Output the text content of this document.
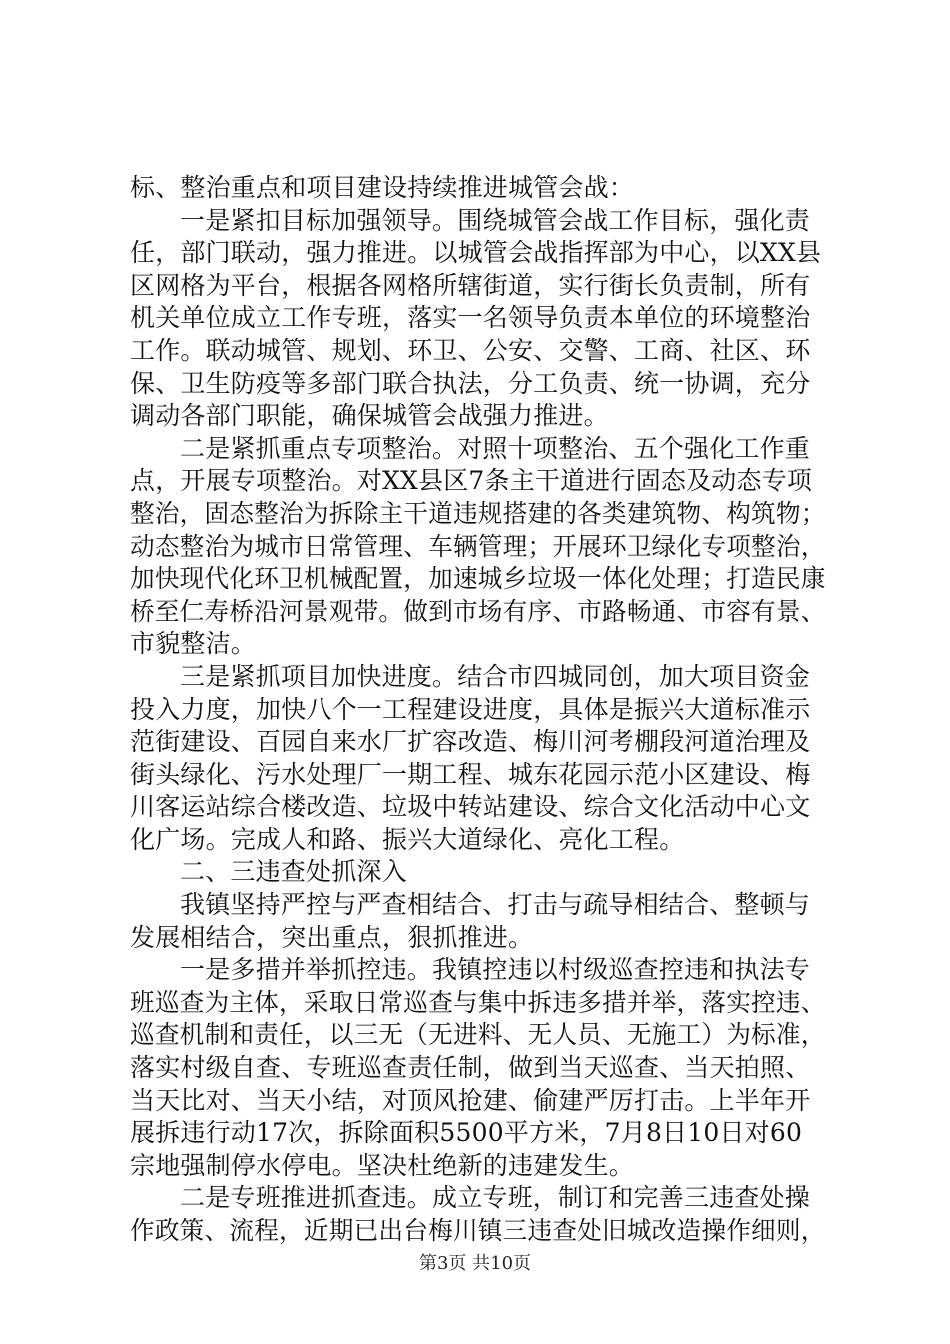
标、整治重点和项目建设持续推进城管会战：
一是紧扣目标加强领导。围绕城管会战工作目标，强化责
任，部门联动，强力推进。以城管会战指挥部为中心，以XX县
区网格为平台，根据各网格所辖街道，实行街长负责制，所有
机关单位成立工作专班，落实一名领导负责本单位的环境整治
工作。联动城管、规划、环卫、公安、交警、工商、社区、环
保、卫生防疫等多部门联合执法，分工负责、统一协调，充分
调动各部门职能，确保城管会战强力推进。
二是紧抓重点专项整治。对照十项整治、五个强化工作重
点，开展专项整治。对XX县区7条主干道进行固态及动态专项
整治，固态整治为拆除主干道违规搭建的各类建筑物、构筑物；
动态整治为城市日常管理、车辆管理；开展环卫绿化专项整治，
加快现代化环卫机械配置，加速城乡垃圾一体化处理；打造民康
桥至仁寿桥沿河景观带。做到市场有序、市路畅通、市容有景、
市貌整洁。
三是紧抓项目加快进度。结合市四城同创，加大项目资金
投入力度，加快八个一工程建设进度，具体是振兴大道标准示
范街建设、百园自来水厂扩容改造、梅川河考棚段河道治理及
街头绿化、污水处理厂一期工程、城东花园示范小区建设、梅
川客运站综合楼改造、垃圾中转站建设、综合文化活动中心文
化广场。完成人和路、振兴大道绿化、亮化工程。
二、三违查处抓深入
我镇坚持严控与严查相结合、打击与疏导相结合、整顿与
发展相结合，突出重点，狠抓推进。
一是多措并举抓控违。我镇控违以村级巡查控违和执法专
班巡查为主体，采取日常巡查与集中拆违多措并举，落实控违、
巡查机制和责任，以三无（无进料、无人员、无施工）为标准，
落实村级自查、专班巡查责任制，做到当天巡查、当天拍照、
当天比对、当天小结，对顶风抢建、偷建严厉打击。上半年开
展拆违行动17次，拆除面积5500平方米，7月8日10日对60
宗地强制停水停电。坚决杜绝新的违建发生。
二是专班推进抓查违。成立专班，制订和完善三违查处操
作政策、流程，近期已出台梅川镇三违查处旧城改造操作细则，
第3页 共10页
